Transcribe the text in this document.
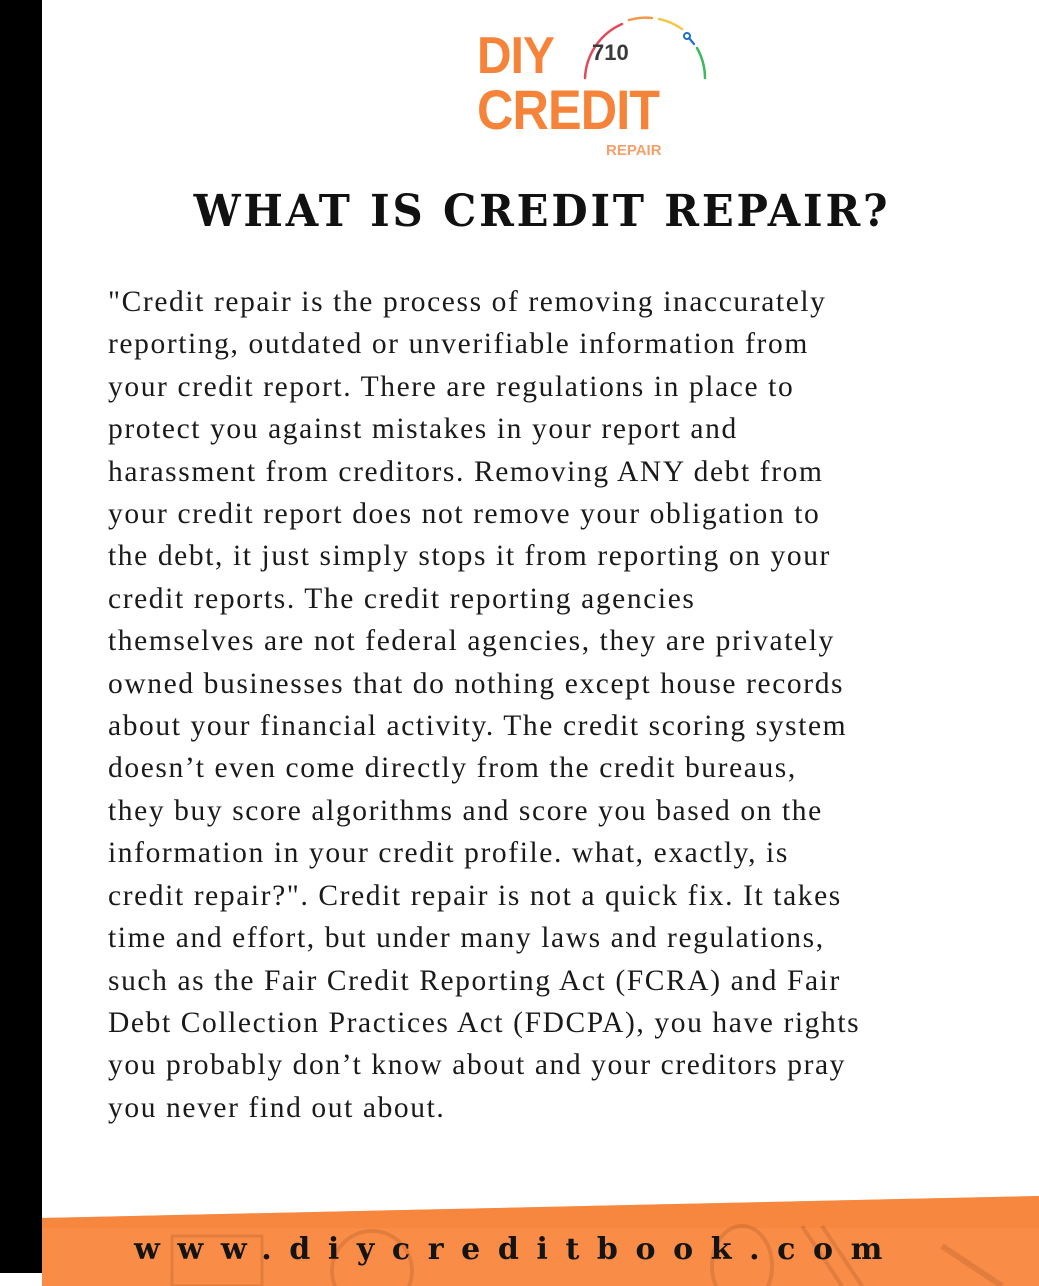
DIY 710
CREDIT
REPAIR
WHAT IS CREDIT REPAIR?
"Credit repair is the process of removing inaccurately
reporting, outdated or unverifiable information from
your credit report. There are regulations in place to
protect you against mistakes in your report and
harassment from creditors. Removing ANY debt from
your credit report does not remove your obligation to
the debt, it just simply stops it from reporting on your
credit reports. The credit reporting agencies
themselves are not federal agencies, they are privately
owned businesses that do nothing except house records
about your financial activity. The credit scoring system
doesn’t even come directly from the credit bureaus,
they buy score algorithms and score you based on the
information in your credit profile. what, exactly, is
credit repair?". Credit repair is not a quick fix. It takes
time and effort, but under many laws and regulations,
such as the Fair Credit Reporting Act (FCRA) and Fair
Debt Collection Practices Act (FDCPA), you have rights
you probably don’t know about and your creditors pray
you never find out about.
www.diycreditbook.com
